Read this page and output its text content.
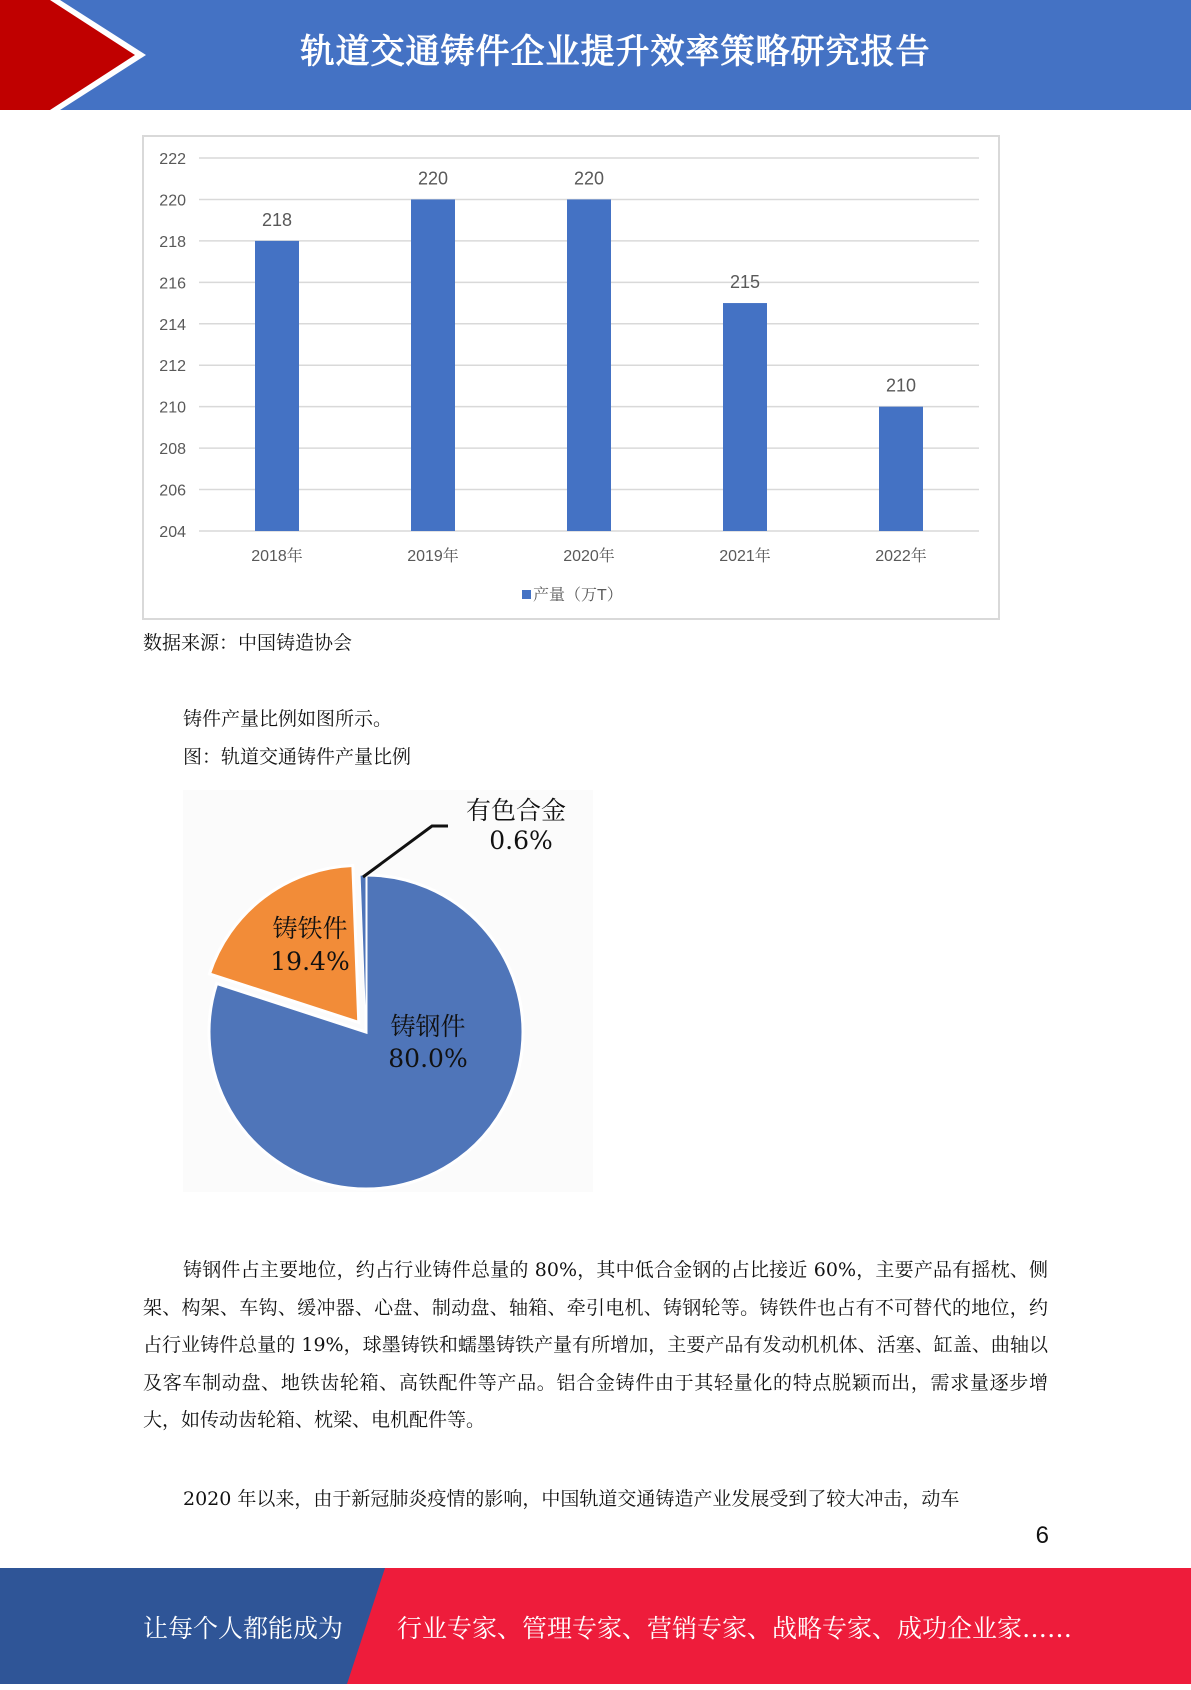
轨道交通铸件企业提升效率策略研究报告
204
206
208
210
212
214
216
218
220
222
218
2018年
220
2019年
220
2020年
215
2021年
210
2022年
产量（万T）
数据来源：中国铸造协会
铸件产量比例如图所示。
图：轨道交通铸件产量比例
铸钢件
80.0%
铸铁件
19.4%
有色合金
0.6%
铸钢件占主要地位，约占行业铸件总量的 80%，其中低合金钢的占比接近 60%，主要产品有摇枕、侧架、构架、车钩、缓冲器、心盘、制动盘、轴箱、牵引电机、铸钢轮等。铸铁件也占有不可替代的地位，约占行业铸件总量的 19%，球墨铸铁和蠕墨铸铁产量有所增加，主要产品有发动机机体、活塞、缸盖、曲轴以及客车制动盘、地铁齿轮箱、高铁配件等产品。铝合金铸件由于其轻量化的特点脱颖而出，需求量逐步增大，如传动齿轮箱、枕梁、电机配件等。
2020 年以来，由于新冠肺炎疫情的影响，中国轨道交通铸造产业发展受到了较大冲击，动车
6
让每个人都能成为 行业专家、管理专家、营销专家、战略专家、成功企业家……
